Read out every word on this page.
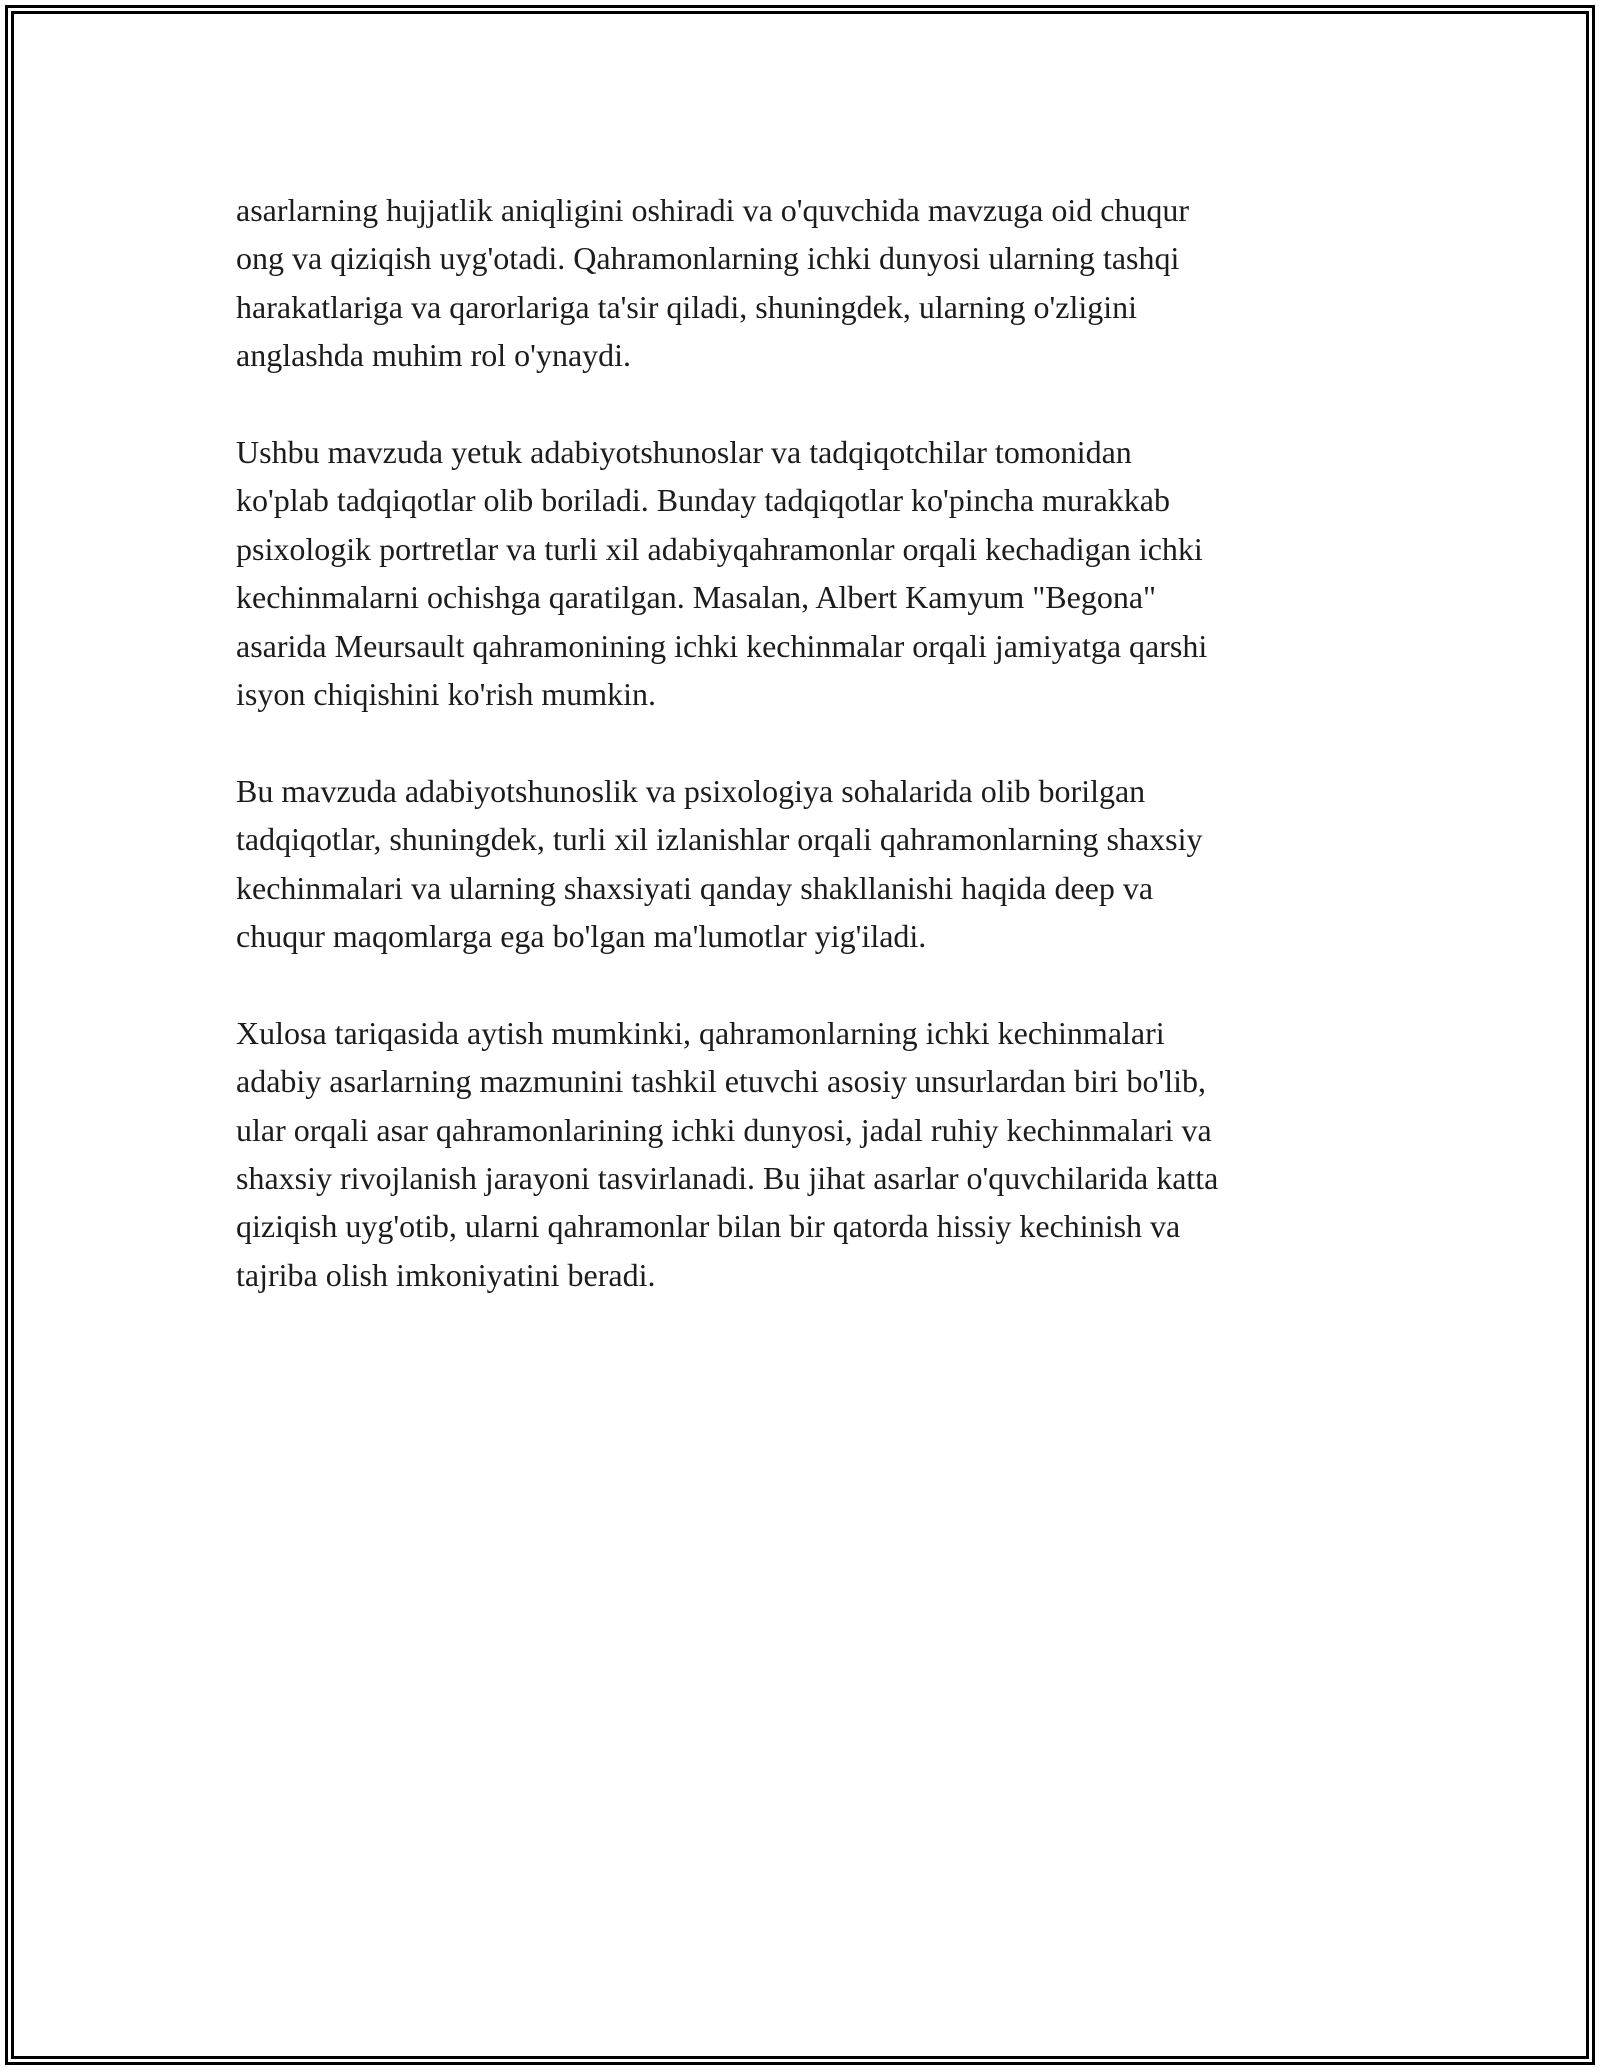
asarlarning hujjatlik aniqligini oshiradi va o'quvchida mavzuga oid chuqur
ong va qiziqish uyg'otadi. Qahramonlarning ichki dunyosi ularning tashqi
harakatlariga va qarorlariga ta'sir qiladi, shuningdek, ularning o'zligini
anglashda muhim rol o'ynaydi.

Ushbu mavzuda yetuk adabiyotshunoslar va tadqiqotchilar tomonidan
ko'plab tadqiqotlar olib boriladi. Bunday tadqiqotlar ko'pincha murakkab
psixologik portretlar va turli xil adabiyqahramonlar orqali kechadigan ichki
kechinmalarni ochishga qaratilgan. Masalan, Albert Kamyum "Begona"
asarida Meursault qahramonining ichki kechinmalar orqali jamiyatga qarshi
isyon chiqishini ko'rish mumkin.

Bu mavzuda adabiyotshunoslik va psixologiya sohalarida olib borilgan
tadqiqotlar, shuningdek, turli xil izlanishlar orqali qahramonlarning shaxsiy
kechinmalari va ularning shaxsiyati qanday shakllanishi haqida deep va
chuqur maqomlarga ega bo'lgan ma'lumotlar yig'iladi.

Xulosa tariqasida aytish mumkinki, qahramonlarning ichki kechinmalari
adabiy asarlarning mazmunini tashkil etuvchi asosiy unsurlardan biri bo'lib,
ular orqali asar qahramonlarining ichki dunyosi, jadal ruhiy kechinmalari va
shaxsiy rivojlanish jarayoni tasvirlanadi. Bu jihat asarlar o'quvchilarida katta
qiziqish uyg'otib, ularni qahramonlar bilan bir qatorda hissiy kechinish va
tajriba olish imkoniyatini beradi.
